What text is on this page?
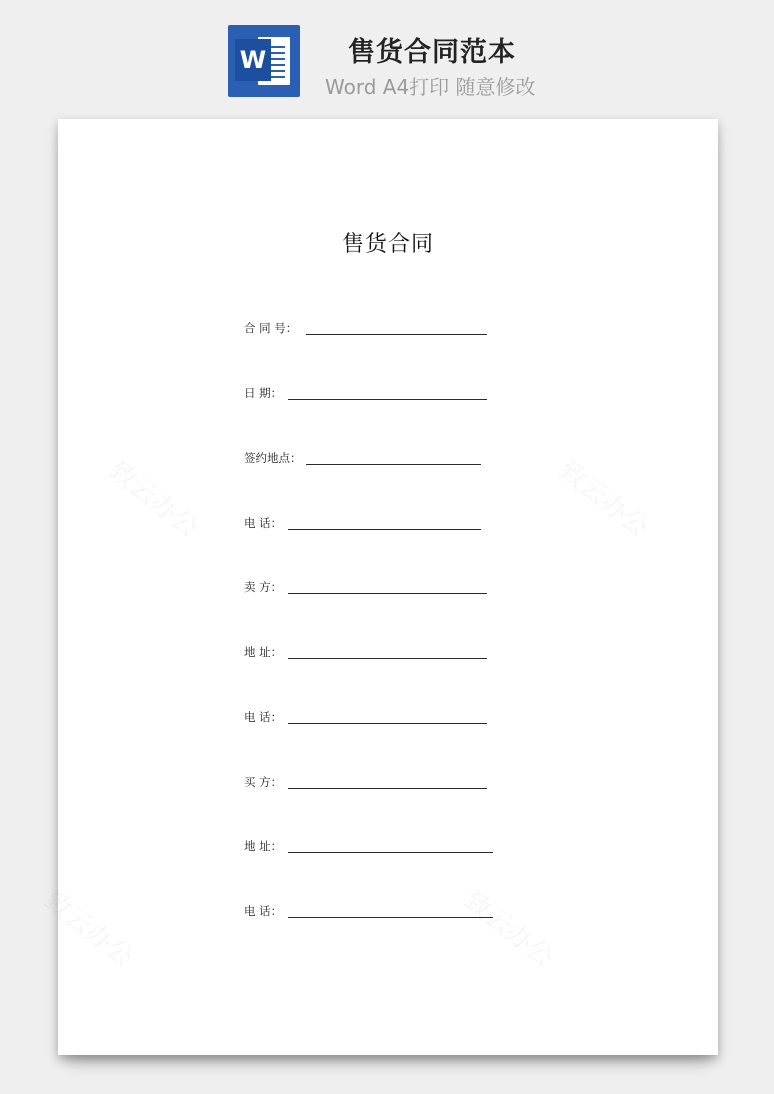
W	售货合同范本
Word A4打印 随意修改
售货合同
合 同 号：
日 期：
签约地点：
电 话：
卖 方：
地 址：
电 话：
买 方：
地 址：
电 话：
